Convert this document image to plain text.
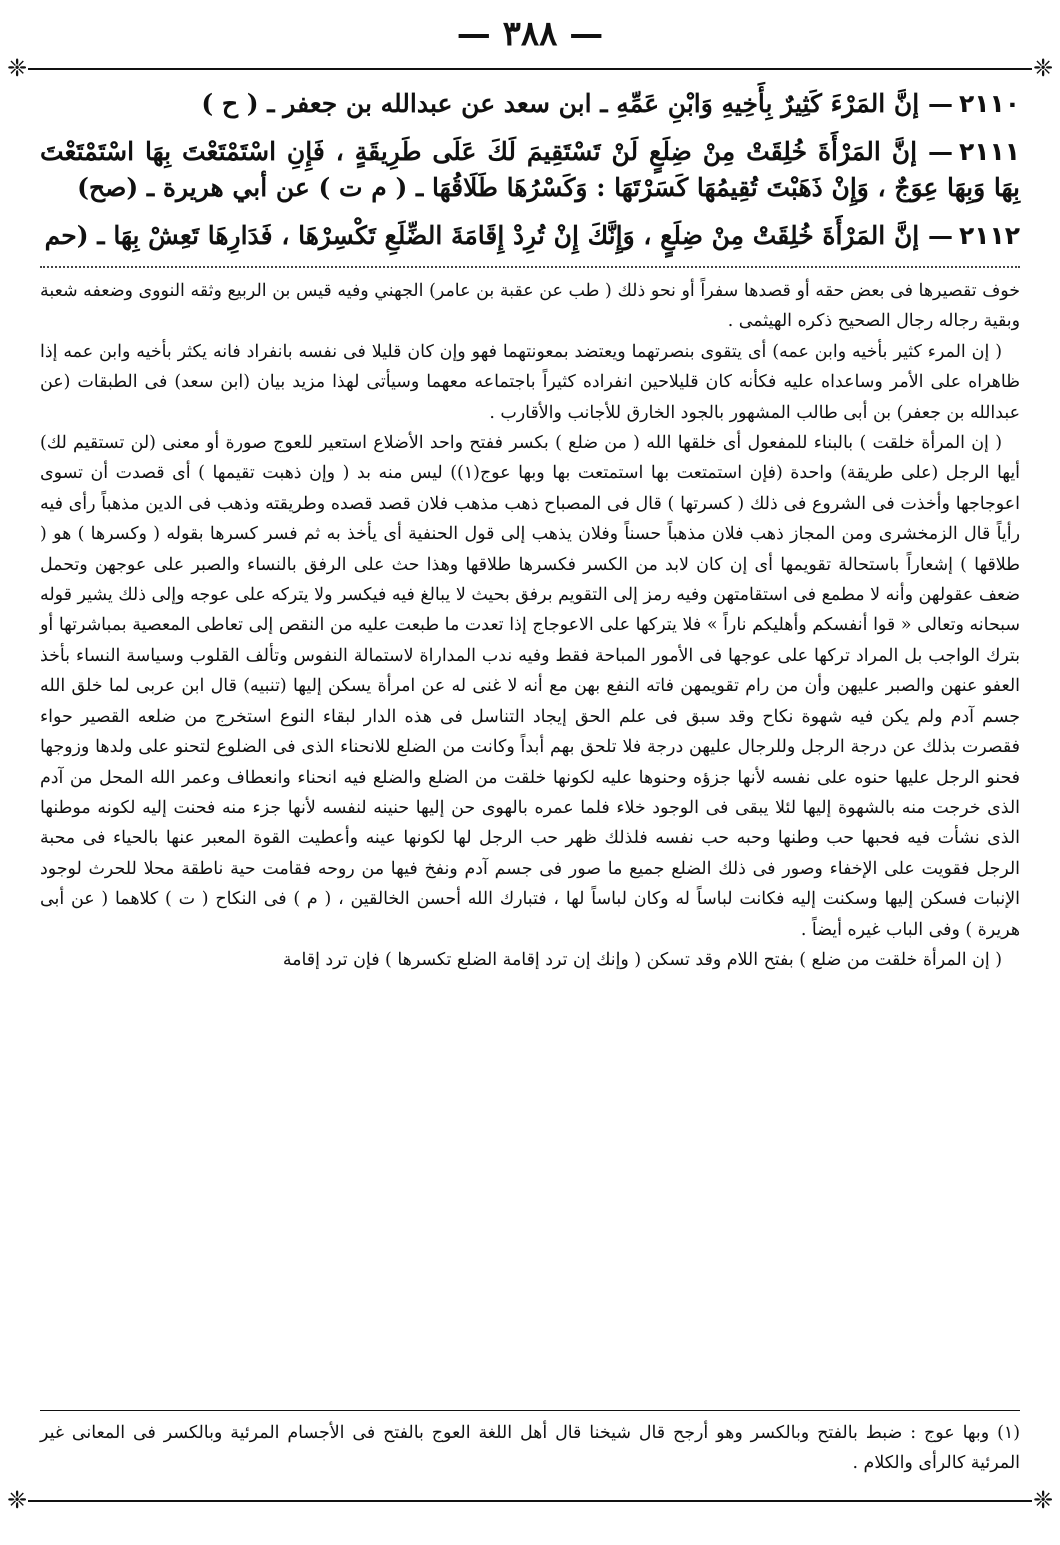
— ٣٨٨ —
❈	❈
٢١١٠— إنَّ المَرْءَ كَثِيرٌ بِأَخِيهِ وَابْنِ عَمِّهِ ـ ابن سعد عن عبدالله بن جعفر ـ ( ح )
٢١١١— إنَّ المَرْأَةَ خُلِقَتْ مِنْ ضِلَعٍ لَنْ تَسْتَقِيمَ لَكَ عَلَى طَرِيقَةٍ ، فَإِنِ اسْتَمْتَعْتَ بِهَا اسْتَمْتَعْتَ بِهَا وَبِهَا عِوَجٌ ، وَإِنْ ذَهَبْتَ تُقِيمُهَا كَسَرْتَهَا : وَكَسْرُهَا طَلَاقُهَا ـ ( م ت ) عن أبي هريرة ـ (صح)
٢١١٢— إنَّ المَرْأَةَ خُلِقَتْ مِنْ ضِلَعٍ ، وَإِنَّكَ إِنْ تُرِدْ إِقَامَةَ الضِّلَعِ تَكْسِرْهَا ، فَدَارِهَا تَعِشْ بِهَا ـ (حم

خوف تقصيرها فى بعض حقه أو قصدها سفراً أو نحو ذلك ( طب عن عقبة بن عامر) الجهني وفيه قيس بن الربيع وثقه النووى وضعفه شعبة وبقية رجاله رجال الصحيح ذكره الهيثمى .

( إن المرء كثير بأخيه وابن عمه) أى يتقوى بنصرتهما ويعتضد بمعونتهما فهو وإن كان قليلا فى نفسه بانفراد فانه يكثر بأخيه وابن عمه إذا ظاهراه على الأمر وساعداه عليه فكأنه كان قليلاحين انفراده كثيراً باجتماعه معهما وسيأتى لهذا مزيد بيان (ابن سعد) فى الطبقات (عن عبدالله بن جعفر) بن أبى طالب المشهور بالجود الخارق للأجانب والأقارب .

( إن المرأة خلقت ) بالبناء للمفعول أى خلقها الله ( من ضلع ) بكسر ففتح واحد الأضلاع استعير للعوج صورة أو معنى (لن تستقيم لك) أيها الرجل (على طريقة) واحدة (فإن استمتعت بها استمتعت بها وبها عوج(١)) ليس منه بد ( وإن ذهبت تقيمها ) أى قصدت أن تسوى اعوجاجها وأخذت فى الشروع فى ذلك ( كسرتها ) قال فى المصباح ذهب مذهب فلان قصد قصده وطريقته وذهب فى الدين مذهباً رأى فيه رأياً قال الزمخشرى ومن المجاز ذهب فلان مذهباً حسناً وفلان يذهب إلى قول الحنفية أى يأخذ به ثم فسر كسرها بقوله ( وكسرها ) هو ( طلاقها ) إشعاراً باستحالة تقويمها أى إن كان لابد من الكسر فكسرها طلاقها وهذا حث على الرفق بالنساء والصبر على عوجهن وتحمل ضعف عقولهن وأنه لا مطمع فى استقامتهن وفيه رمز إلى التقويم برفق بحيث لا يبالغ فيه فيكسر ولا يتركه على عوجه وإلى ذلك يشير قوله سبحانه وتعالى « قوا أنفسكم وأهليكم ناراً » فلا يتركها على الاعوجاج إذا تعدت ما طبعت عليه من النقص إلى تعاطى المعصية بمباشرتها أو بترك الواجب بل المراد تركها على عوجها فى الأمور المباحة فقط وفيه ندب المداراة لاستمالة النفوس وتألف القلوب وسياسة النساء بأخذ العفو عنهن والصبر عليهن وأن من رام تقويمهن فاته النفع بهن مع أنه لا غنى له عن امرأة يسكن إليها (تنبيه) قال ابن عربى لما خلق الله جسم آدم ولم يكن فيه شهوة نكاح وقد سبق فى علم الحق إيجاد التناسل فى هذه الدار لبقاء النوع استخرج من ضلعه القصير حواء فقصرت بذلك عن درجة الرجل وللرجال عليهن درجة فلا تلحق بهم أبداً وكانت من الضلع للانحناء الذى فى الضلوع لتحنو على ولدها وزوجها فحنو الرجل عليها حنوه على نفسه لأنها جزؤه وحنوها عليه لكونها خلقت من الضلع والضلع فيه انحناء وانعطاف وعمر الله المحل من آدم الذى خرجت منه بالشهوة إليها لئلا يبقى فى الوجود خلاء فلما عمره بالهوى حن إليها حنينه لنفسه لأنها جزء منه فحنت إليه لكونه موطنها الذى نشأت فيه فحبها حب وطنها وحبه حب نفسه فلذلك ظهر حب الرجل لها لكونها عينه وأعطيت القوة المعبر عنها بالحياء فى محبة الرجل فقويت على الإخفاء وصور فى ذلك الضلع جميع ما صور فى جسم آدم ونفخ فيها من روحه فقامت حية ناطقة محلا للحرث لوجود الإنبات فسكن إليها وسكنت إليه فكانت لباساً له وكان لباساً لها ، فتبارك الله أحسن الخالقين ، ( م ) فى النكاح ( ت ) كلاهما ( عن أبى هريرة ) وفى الباب غيره أيضاً .

( إن المرأة خلقت من ضلع ) بفتح اللام وقد تسكن ( وإنك إن ترد إقامة الضلع تكسرها ) فإن ترد إقامة

(١) وبها عوج : ضبط بالفتح وبالكسر وهو أرجح قال شيخنا قال أهل اللغة العوج بالفتح فى الأجسام المرئية وبالكسر فى المعانى غير المرئية كالرأى والكلام .
❈	❈
